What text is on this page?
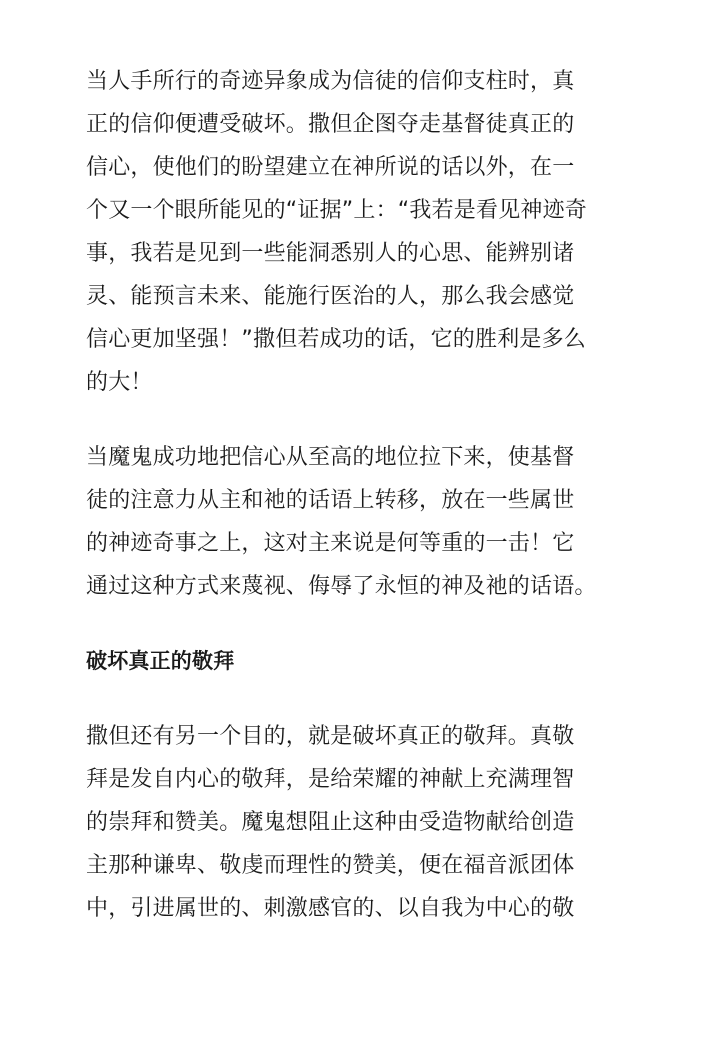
当人手所行的奇迹异象成为信徒的信仰支柱时，真
正的信仰便遭受破坏。撒但企图夺走基督徒真正的
信心，使他们的盼望建立在神所说的话以外，在一
个又一个眼所能见的“证据”上：“我若是看见神迹奇
事，我若是见到一些能洞悉别人的心思、能辨别诸
灵、能预言未来、能施行医治的人，那么我会感觉
信心更加坚强！”撒但若成功的话，它的胜利是多么
的大！

当魔鬼成功地把信心从至高的地位拉下来，使基督
徒的注意力从主和祂的话语上转移，放在一些属世
的神迹奇事之上，这对主来说是何等重的一击！它
通过这种方式来蔑视、侮辱了永恒的神及祂的话语。

破坏真正的敬拜

撒但还有另一个目的，就是破坏真正的敬拜。真敬
拜是发自内心的敬拜，是给荣耀的神献上充满理智
的崇拜和赞美。魔鬼想阻止这种由受造物献给创造
主那种谦卑、敬虔而理性的赞美，便在福音派团体
中，引进属世的、刺激感官的、以自我为中心的敬
